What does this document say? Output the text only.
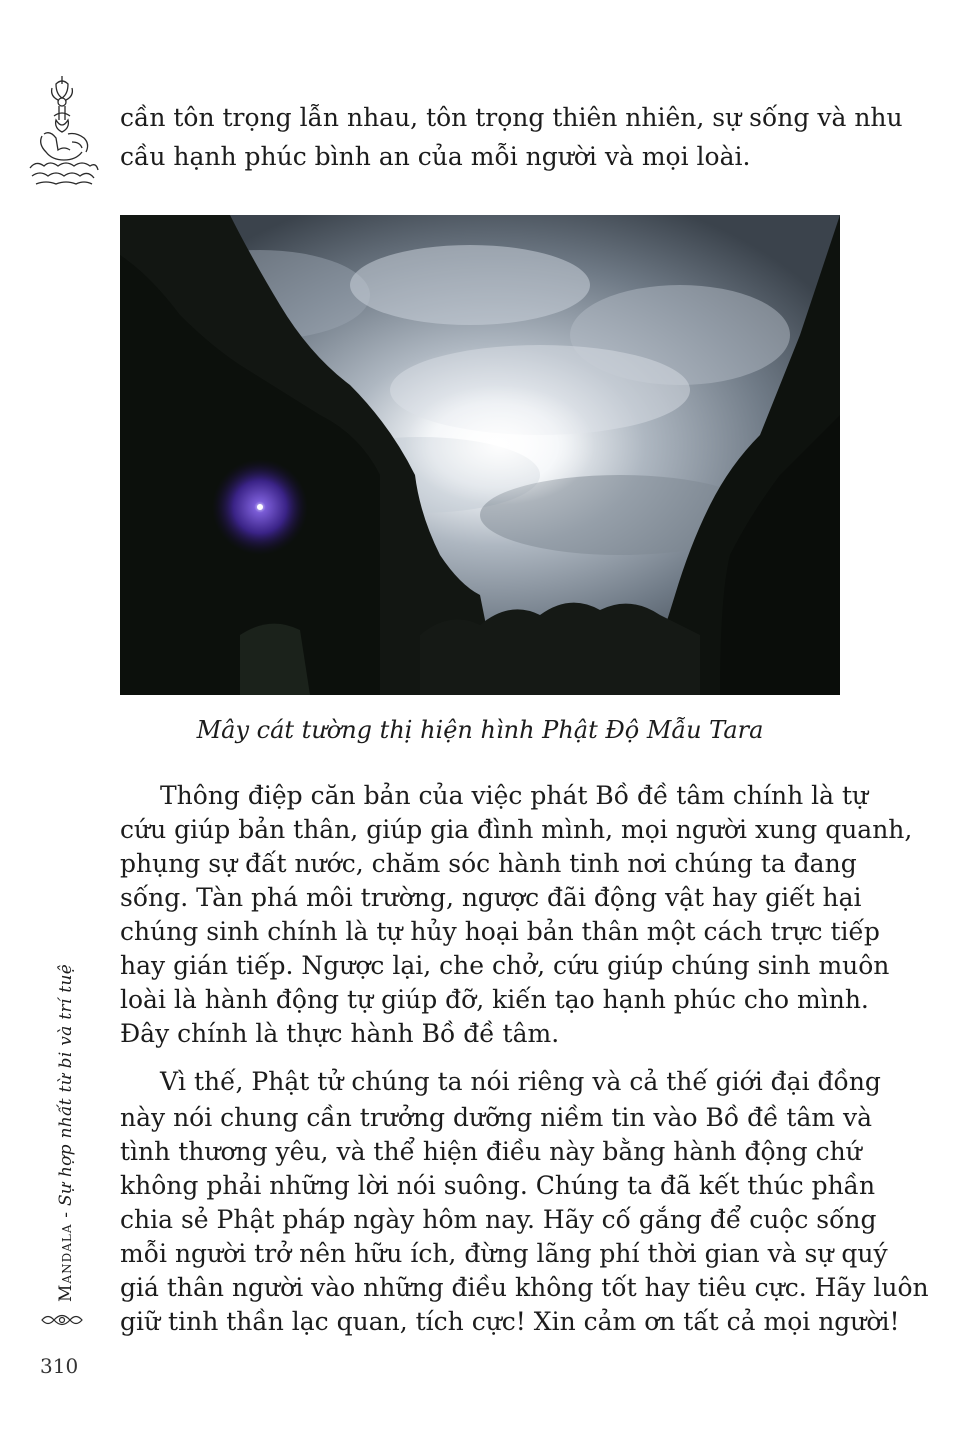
cần tôn trọng lẫn nhau, tôn trọng thiên nhiên, sự sống và nhu
cầu hạnh phúc bình an của mỗi người và mọi loài.
Mây cát tường thị hiện hình Phật Độ Mẫu Tara
Thông điệp căn bản của việc phát Bồ đề tâm chính là tự
cứu giúp bản thân, giúp gia đình mình, mọi người xung quanh,
phụng sự đất nước, chăm sóc hành tinh nơi chúng ta đang
sống. Tàn phá môi trường, ngược đãi động vật hay giết hại
chúng sinh chính là tự hủy hoại bản thân một cách trực tiếp
hay gián tiếp. Ngược lại, che chở, cứu giúp chúng sinh muôn
loài là hành động tự giúp đỡ, kiến tạo hạnh phúc cho mình.
Đây chính là thực hành Bồ đề tâm.
Vì thế, Phật tử chúng ta nói riêng và cả thế giới đại đồng
này nói chung cần trưởng dưỡng niềm tin vào Bồ đề tâm và
tình thương yêu, và thể hiện điều này bằng hành động chứ
không phải những lời nói suông. Chúng ta đã kết thúc phần
chia sẻ Phật pháp ngày hôm nay. Hãy cố gắng để cuộc sống
mỗi người trở nên hữu ích, đừng lãng phí thời gian và sự quý
giá thân người vào những điều không tốt hay tiêu cực. Hãy luôn
giữ tinh thần lạc quan, tích cực! Xin cảm ơn tất cả mọi người!
Mandala - Sự hợp nhất từ bi và trí tuệ
310
